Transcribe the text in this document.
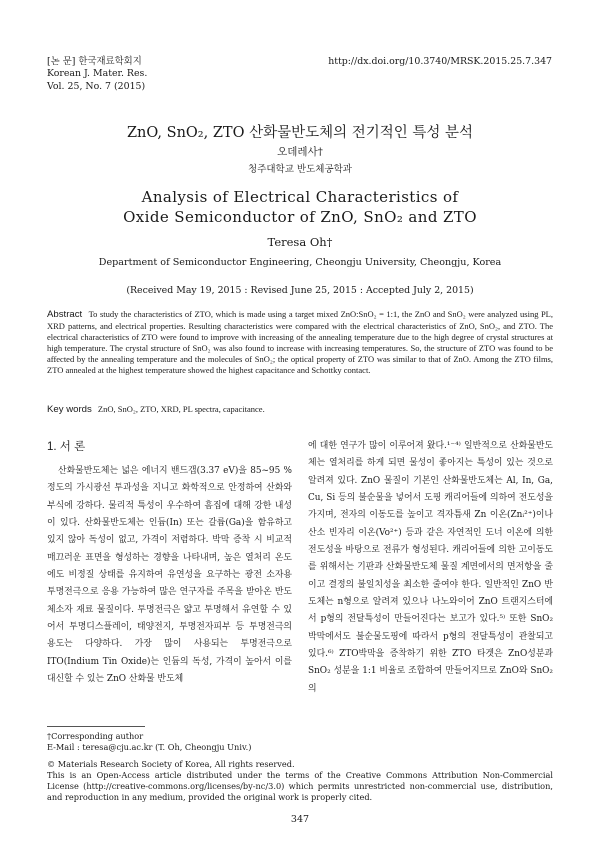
[논 문] 한국재료학회지
Korean J. Mater. Res.
Vol. 25, No. 7 (2015)
http://dx.doi.org/10.3740/MRSK.2015.25.7.347
ZnO, SnO₂, ZTO 산화물반도체의 전기적인 특성 분석
오데레사†
청주대학교 반도체공학과
Analysis of Electrical Characteristics of
Oxide Semiconductor of ZnO, SnO₂ and ZTO
Teresa Oh†
Department of Semiconductor Engineering, Cheongju University, Cheongju, Korea
(Received May 19, 2015 : Revised June 25, 2015 : Accepted July 2, 2015)
Abstract To study the characteristics of ZTO, which is made using a target mixed ZnO:SnO₂ = 1:1, the ZnO and SnO₂ were analyzed using PL, XRD patterns, and electrical properties. Resulting characteristics were compared with the electrical characteristics of ZnO, SnO₂, and ZTO. The electrical characteristics of ZTO were found to improve with increasing of the annealing temperature due to the high degree of crystal structures at high temperature. The crystal structure of SnO₂ was also found to increase with increasing temperatures. So, the structure of ZTO was found to be affected by the annealing temperature and the molecules of SnO₂; the optical property of ZTO was similar to that of ZnO. Among the ZTO films, ZTO annealed at the highest temperature showed the highest capacitance and Schottky contact.
Key words ZnO, SnO₂, ZTO, XRD, PL spectra, capacitance.
1. 서 론

산화물반도체는 넓은 에너지 밴드갭(3.37 eV)을 85~95 % 정도의 가시광선 투과성을 지니고 화학적으로 안정하여 산화와 부식에 강하다. 물리적 특성이 우수하여 흠집에 대해 강한 내성이 있다. 산화물반도체는 인듐(In) 또는 갈륨(Ga)을 함유하고 있지 않아 독성이 없고, 가격이 저렴하다. 박막 증착 시 비교적 매끄러운 표면을 형성하는 경향을 나타내며, 높은 열처리 온도에도 비정질 상태를 유지하여 유연성을 요구하는 광전 소자용 투명전극으로 응용 가능하여 많은 연구자를 주목을 받아온 반도체소자 재료 물질이다. 투명전극은 얇고 투명해서 유연할 수 있어서 투명디스플레이, 태양전지, 투명전자피부 등 투명전극의 용도는 다양하다. 가장 많이 사용되는 투명전극으로 ITO(Indium Tin Oxide)는 인듐의 독성, 가격이 높아서 이를 대신할 수 있는 ZnO 산화물 반도체

에 대한 연구가 많이 이루어져 왔다.¹⁻⁴⁾ 일반적으로 산화물반도체는 열처리를 하게 되면 물성이 좋아지는 특성이 있는 것으로 알려져 있다. ZnO 물질이 기본인 산화물반도체는 Al, In, Ga, Cu, Si 등의 불순물을 넣어서 도핑 캐리어들에 의하여 전도성을 가지며, 전자의 이동도를 높이고 격자틈새 Zn 이온(Znᵢ²⁺)이나 산소 빈자리 이온(Vo²⁺) 등과 같은 자연적인 도너 이온에 의한 전도성을 바탕으로 전류가 형성된다. 캐리어들에 의한 고이동도를 위해서는 기판과 산화물반도체 물질 계면에서의 면저항을 줄이고 결정의 불일치성을 최소한 줄여야 한다. 일반적인 ZnO 반도체는 n형으로 알려져 있으나 나노와이어 ZnO 트랜지스터에서 p형의 전달특성이 만들어진다는 보고가 있다.⁵⁾ 또한 SnO₂ 박막에서도 불순물도핑에 따라서 p형의 전달특성이 관찰되고 있다.⁶⁾ ZTO박막을 증착하기 위한 ZTO 타겟은 ZnO성분과 SnO₂ 성분을 1:1 비율로 조합하여 만들어지므로 ZnO와 SnO₂ 의

†Corresponding author
E-Mail : teresa@cju.ac.kr (T. Oh, Cheongju Univ.)

© Materials Research Society of Korea, All rights reserved.

This is an Open-Access article distributed under the terms of the Creative Commons Attribution Non-Commercial License (http://creative-commons.org/licenses/by-nc/3.0) which permits unrestricted non-commercial use, distribution, and reproduction in any medium, provided the original work is properly cited.

347
